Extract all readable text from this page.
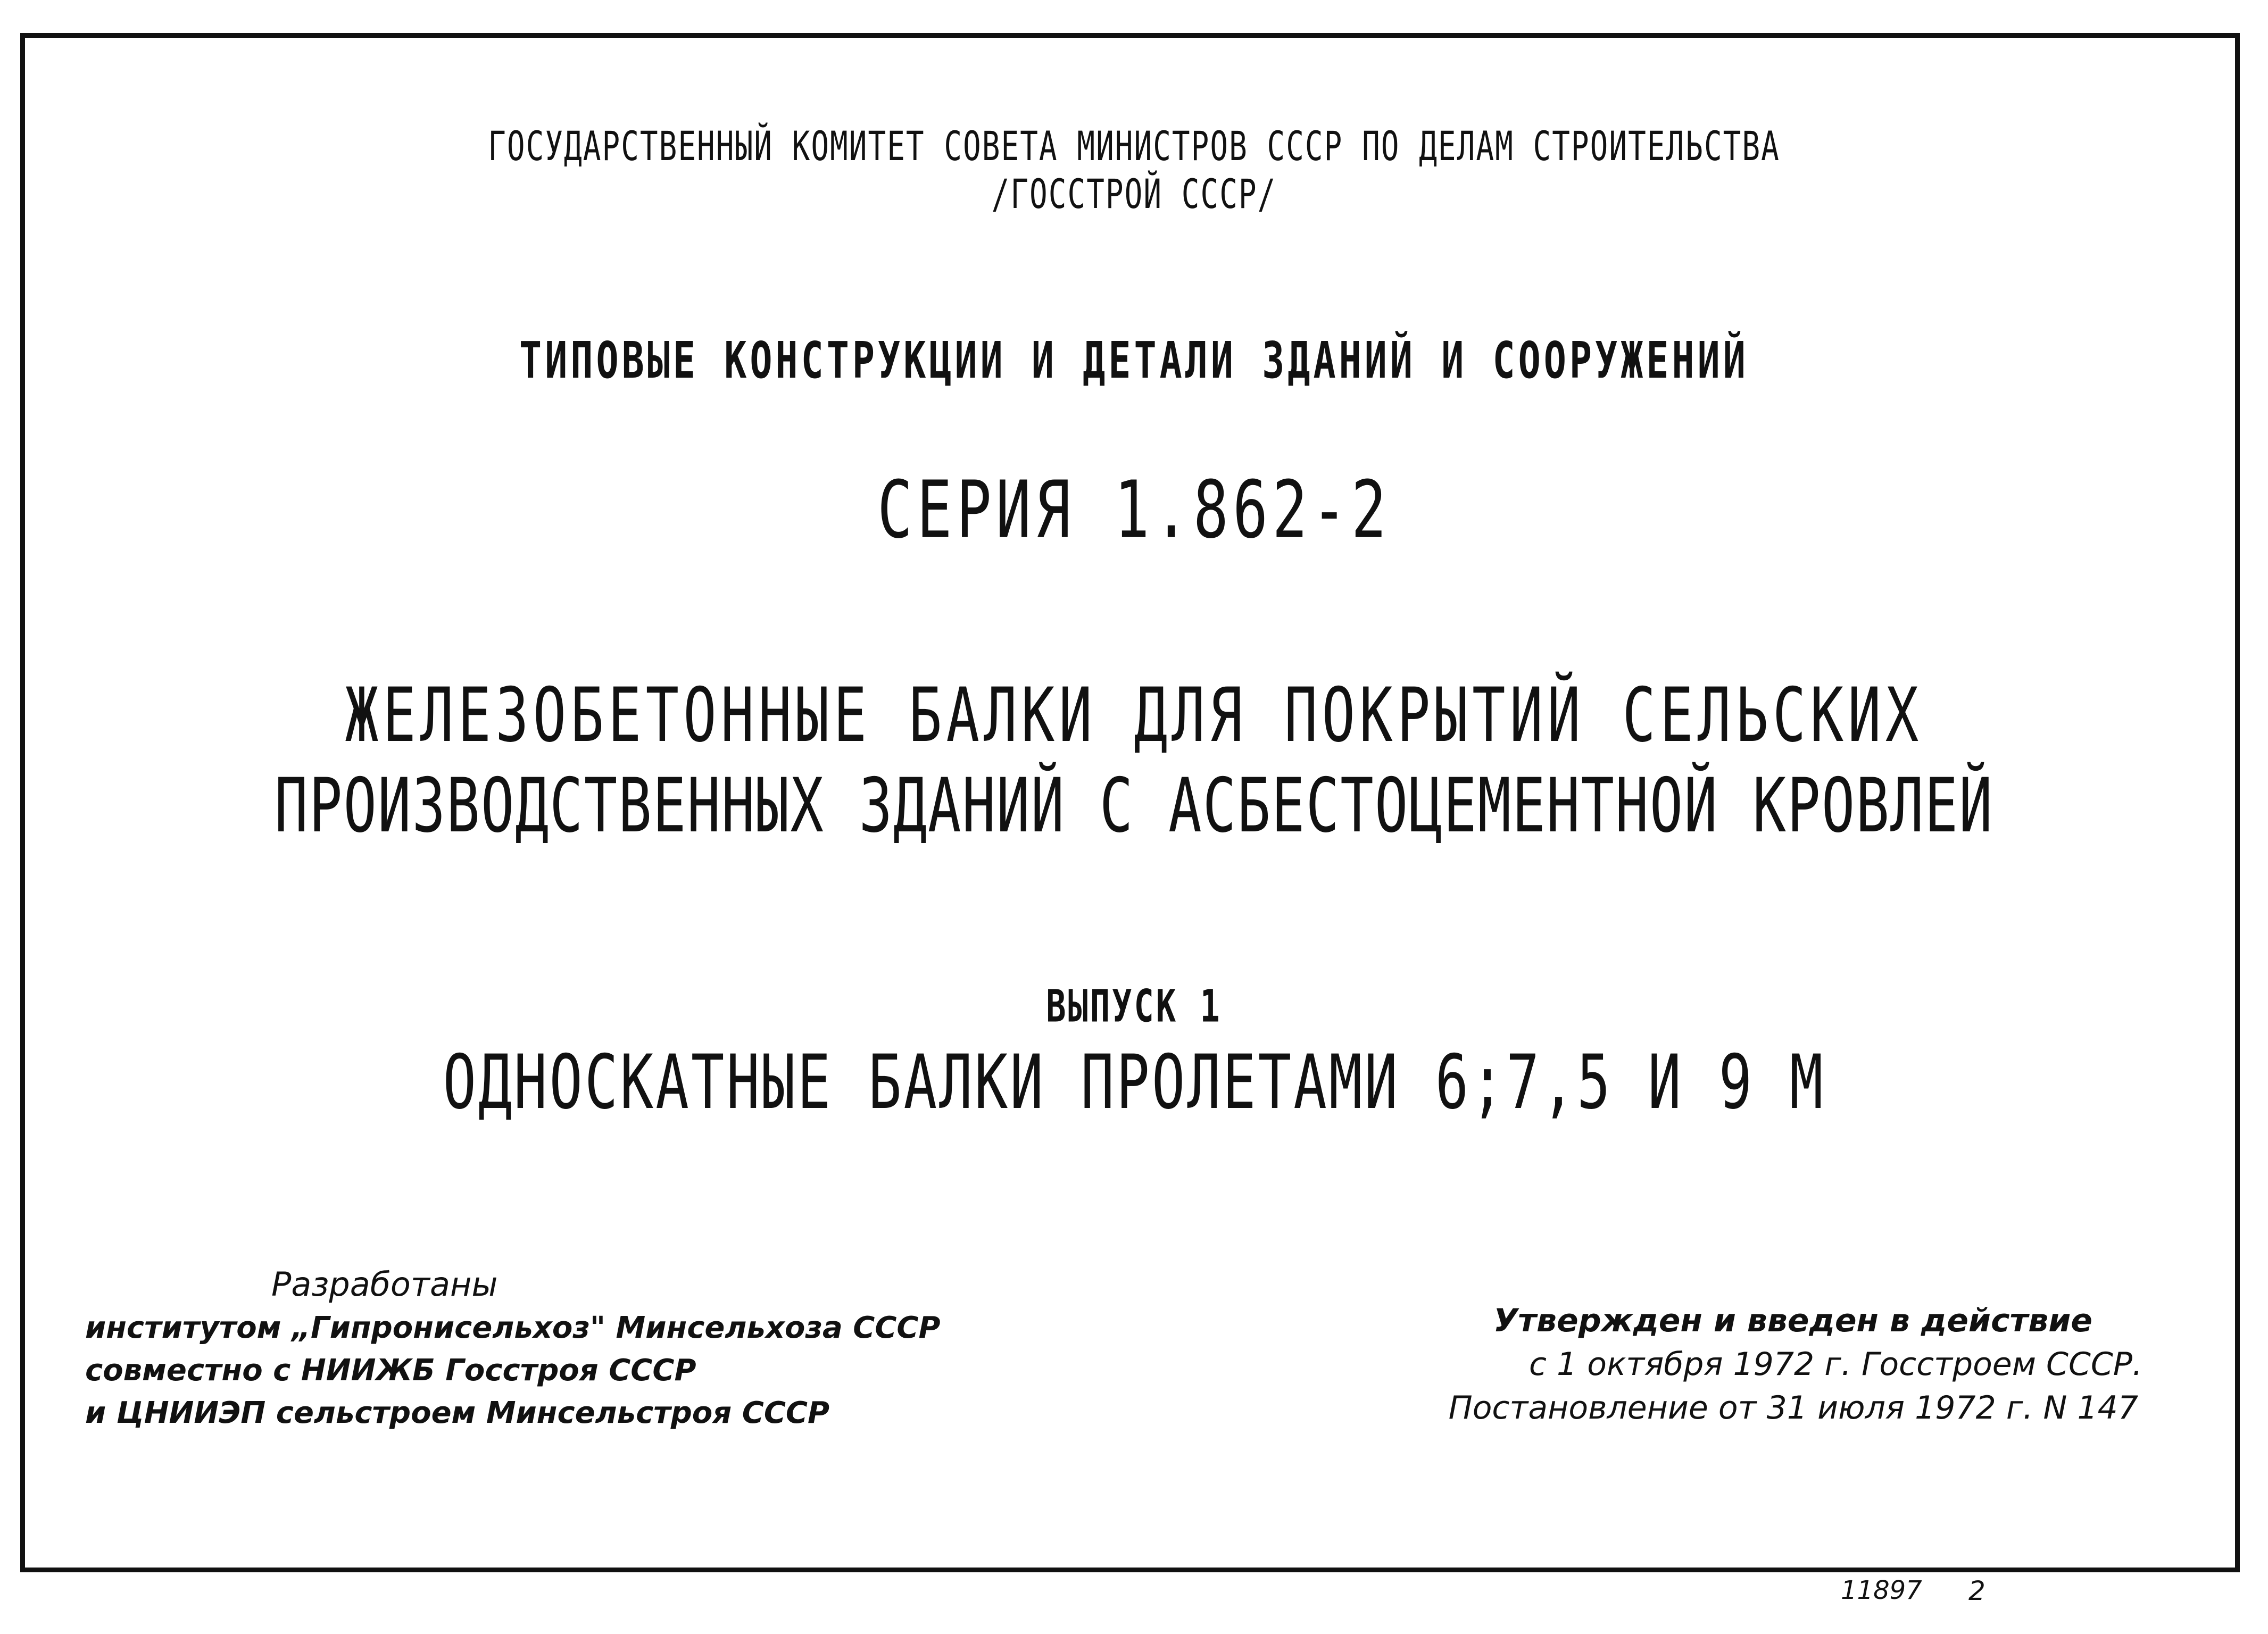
ГОСУДАРСТВЕННЫЙ КОМИТЕТ СОВЕТА МИНИСТРОВ СССР ПО ДЕЛАМ СТРОИТЕЛЬСТВА
/ГОССТРОЙ СССР/
ТИПОВЫЕ КОНСТРУКЦИИ И ДЕТАЛИ ЗДАНИЙ И СООРУЖЕНИЙ
СЕРИЯ 1.862-2
ЖЕЛЕЗОБЕТОННЫЕ БАЛКИ ДЛЯ ПОКРЫТИЙ СЕЛЬСКИХ
ПРОИЗВОДСТВЕННЫХ ЗДАНИЙ С АСБЕСТОЦЕМЕНТНОЙ КРОВЛЕЙ
ВЫПУСК 1
ОДНОСКАТНЫЕ БАЛКИ ПРОЛЕТАМИ 6;7,5 И 9 М
Разработаны
институтом „Гипронисельхоз" Минсельхоза СССР
совместно с НИИЖБ Госстроя СССР
и ЦНИИЭП сельстроем Минсельстроя СССР
Утвержден и введен в действие
с 1 октября 1972 г. Госстроем СССР.
Постановление от 31 июля 1972 г. N 147
11897 2
